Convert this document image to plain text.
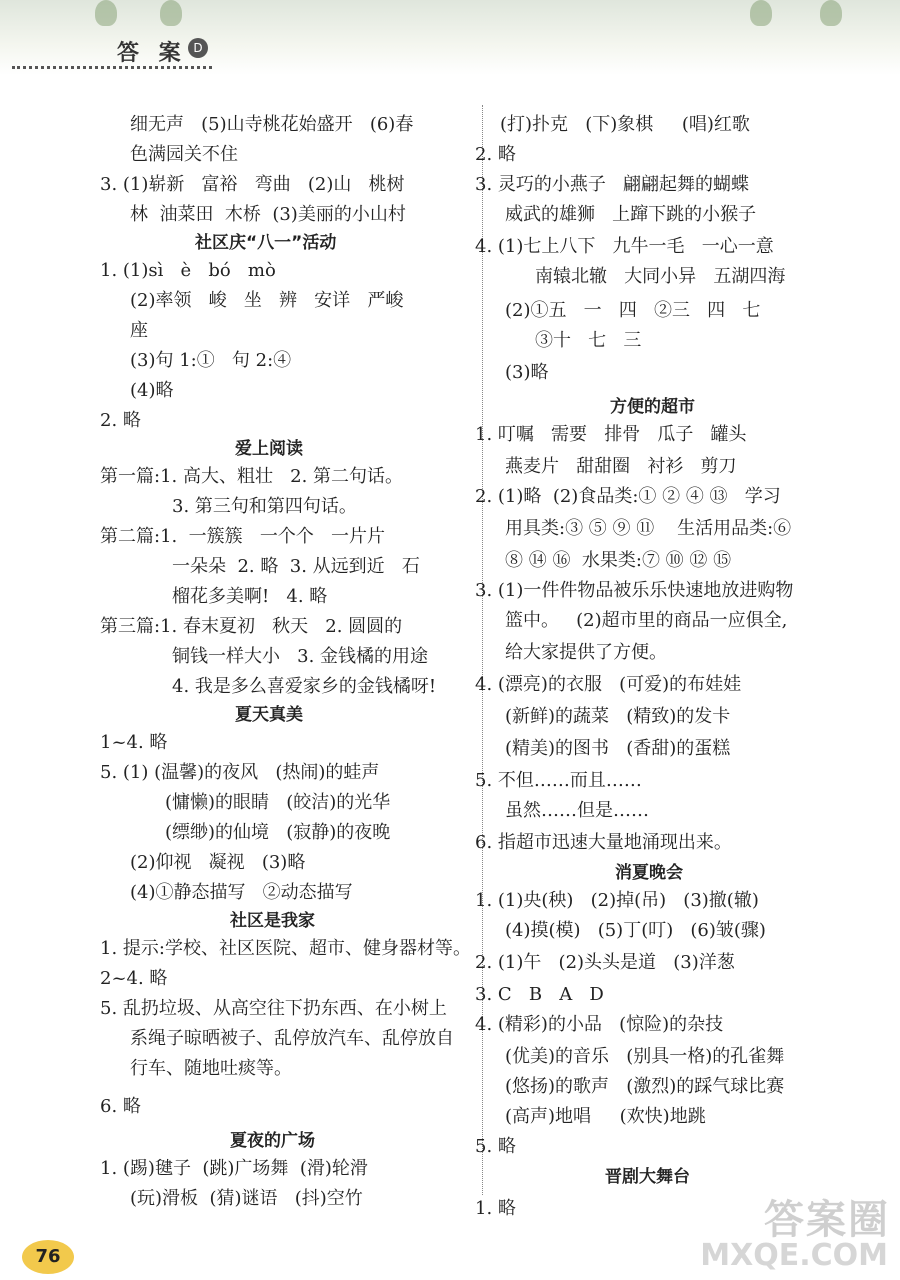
答 案 D
细无声   (5)山寺桃花始盛开   (6)春
色满园关不住
3. (1)崭新   富裕   弯曲   (2)山   桃树
林  油菜田  木桥  (3)美丽的小山村
社区庆“八一”活动
1. (1)sì   è   bó   mò
(2)率领   峻   坐   辨   安详   严峻
座
(3)句 1:①   句 2:④
(4)略
2. 略
爱上阅读
第一篇:1. 高大、粗壮   2. 第二句话。
3. 第三句和第四句话。
第二篇:1.  一簇簇   一个个   一片片
一朵朵  2. 略  3. 从远到近   石
榴花多美啊!   4. 略
第三篇:1. 春末夏初   秋天   2. 圆圆的
铜钱一样大小   3. 金钱橘的用途
4. 我是多么喜爱家乡的金钱橘呀!
夏天真美
1~4. 略
5. (1) (温馨)的夜风   (热闹)的蛙声
(慵懒)的眼睛   (皎洁)的光华
(缥缈)的仙境   (寂静)的夜晚
(2)仰视   凝视   (3)略
(4)①静态描写   ②动态描写
社区是我家
1. 提示:学校、社区医院、超市、健身器材等。
2~4. 略
5. 乱扔垃圾、从高空往下扔东西、在小树上
系绳子晾晒被子、乱停放汽车、乱停放自
行车、随地吐痰等。
6. 略
夏夜的广场
1. (踢)毽子  (跳)广场舞  (滑)轮滑
(玩)滑板  (猜)谜语   (抖)空竹
(打)扑克   (下)象棋     (唱)红歌
2. 略
3. 灵巧的小燕子   翩翩起舞的蝴蝶
威武的雄狮   上蹿下跳的小猴子
4. (1)七上八下   九牛一毛   一心一意
南辕北辙   大同小异   五湖四海
(2)①五   一   四   ②三   四   七
③十   七   三
(3)略
方便的超市
1. 叮嘱   需要   排骨   瓜子   罐头
燕麦片   甜甜圈   衬衫   剪刀
2. (1)略  (2)食品类:① ② ④ ⑬   学习
用具类:③ ⑤ ⑨ ⑪    生活用品类:⑥
⑧ ⑭ ⑯  水果类:⑦ ⑩ ⑫ ⑮
3. (1)一件件物品被乐乐快速地放进购物
篮中。   (2)超市里的商品一应俱全,
给大家提供了方便。
4. (漂亮)的衣服   (可爱)的布娃娃
(新鲜)的蔬菜   (精致)的发卡
(精美)的图书   (香甜)的蛋糕
5. 不但……而且……
虽然……但是……
6. 指超市迅速大量地涌现出来。
消夏晚会
1. (1)央(秧)   (2)掉(吊)   (3)撤(辙)
(4)摸(模)   (5)丁(叮)   (6)皱(骤)
2. (1)午   (2)头头是道   (3)洋葱
3. C   B   A   D
4. (精彩)的小品   (惊险)的杂技
(优美)的音乐   (别具一格)的孔雀舞
(悠扬)的歌声   (激烈)的踩气球比赛
(高声)地唱     (欢快)地跳
5. 略
晋剧大舞台
1. 略
76
答案圈
MXQE.COM
